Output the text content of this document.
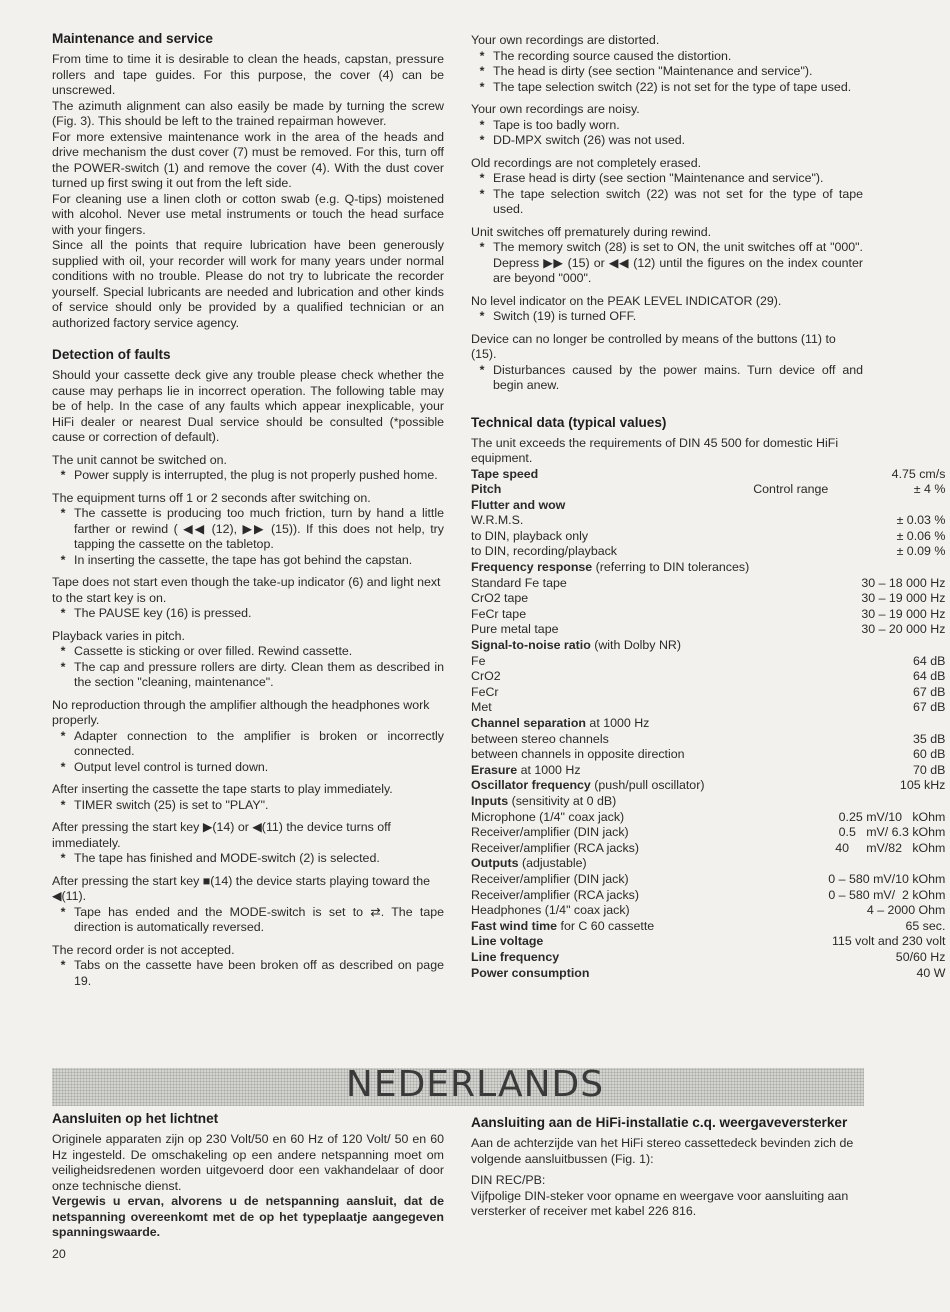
Maintenance and service

From time to time it is desirable to clean the heads, capstan, pressure rollers and tape guides. For this purpose, the cover (4) can be unscrewed.

The azimuth alignment can also easily be made by turning the screw (Fig. 3). This should be left to the trained repairman however.

For more extensive maintenance work in the area of the heads and drive mechanism the dust cover (7) must be removed. For this, turn off the POWER-switch (1) and remove the cover (4). With the dust cover turned up first swing it out from the left side.

For cleaning use a linen cloth or cotton swab (e.g. Q-tips) moistened with alcohol. Never use metal instruments or touch the head surface with your fingers.

Since all the points that require lubrication have been generously supplied with oil, your recorder will work for many years under normal conditions with no trouble. Please do not try to lubricate the recorder yourself. Special lubricants are needed and lubrication and other kinds of service should only be provided by a qualified technician or an authorized factory service agency.

Detection of faults

Should your cassette deck give any trouble please check whether the cause may perhaps lie in incorrect operation. The following table may be of help. In the case of any faults which appear inexplicable, your HiFi dealer or nearest Dual service should be consulted (*possible cause or correction of default).

The unit cannot be switched on.

* Power supply is interrupted, the plug is not properly pushed home.

The equipment turns off 1 or 2 seconds after switching on.

* The cassette is producing too much friction, turn by hand a little farther or rewind ( ◀◀ (12), ▶▶ (15)). If this does not help, try tapping the cassette on the tabletop.
* In inserting the cassette, the tape has got behind the capstan.

Tape does not start even though the take-up indicator (6) and light next to the start key is on.

* The PAUSE key (16) is pressed.

Playback varies in pitch.

* Cassette is sticking or over filled. Rewind cassette.
* The cap and pressure rollers are dirty. Clean them as described in the section "cleaning, maintenance".

No reproduction through the amplifier although the headphones work properly.

* Adapter connection to the amplifier is broken or incorrectly connected.
* Output level control is turned down.

After inserting the cassette the tape starts to play immediately.

* TIMER switch (25) is set to "PLAY".

After pressing the start key ▶(14) or ◀(11) the device turns off immediately.

* The tape has finished and MODE-switch (2) is selected.

After pressing the start key ■(14) the device starts playing toward the ◀(11).

* Tape has ended and the MODE-switch is set to ⇄. The tape direction is automatically reversed.

The record order is not accepted.

* Tabs on the cassette have been broken off as described on page 19.

Your own recordings are distorted.

* The recording source caused the distortion.
* The head is dirty (see section "Maintenance and service").
* The tape selection switch (22) is not set for the type of tape used.

Your own recordings are noisy.

* Tape is too badly worn.
* DD-MPX switch (26) was not used.

Old recordings are not completely erased.

* Erase head is dirty (see section "Maintenance and service").
* The tape selection switch (22) was not set for the type of tape used.

Unit switches off prematurely during rewind.

* The memory switch (28) is set to ON, the unit switches off at "000". Depress ▶▶ (15) or ◀◀ (12) until the figures on the index counter are beyond "000".

No level indicator on the PEAK LEVEL INDICATOR (29).

* Switch (19) is turned OFF.

Device can no longer be controlled by means of the buttons (11) to (15).

* Disturbances caused by the power mains. Turn device off and begin anew.
Technical data (typical values)

The unit exceeds the requirements of DIN 45 500 for domestic HiFi equipment.

Tape speed		4.75 cm/s
Pitch	Control range	± 4 %
Flutter and wow		
W.R.M.S.		± 0.03 %
to DIN, playback only		± 0.06 %
to DIN, recording/playback		± 0.09 %
Frequency response (referring to DIN tolerances)		
Standard Fe tape		30 – 18 000 Hz
CrO2 tape		30 – 19 000 Hz
FeCr tape		30 – 19 000 Hz
Pure metal tape		30 – 20 000 Hz
Signal-to-noise ratio (with Dolby NR)		
Fe		64 dB
CrO2		64 dB
FeCr		67 dB
Met		67 dB
Channel separation at 1000 Hz		
between stereo channels		35 dB
between channels in opposite direction		60 dB
Erasure at 1000 Hz		70 dB
Oscillator frequency (push/pull oscillator)		105 kHz
Inputs (sensitivity at 0 dB)		
Microphone (1/4" coax jack)		0.25 mV/10   kOhm
Receiver/amplifier (DIN jack)		0.5   mV/ 6.3 kOhm
Receiver/amplifier (RCA jacks)		40     mV/82   kOhm
Outputs (adjustable)		
Receiver/amplifier (DIN jack)		0 – 580 mV/10 kOhm
Receiver/amplifier (RCA jacks)		0 – 580 mV/  2 kOhm
Headphones (1/4" coax jack)		4 – 2000 Ohm
Fast wind time for C 60 cassette		65 sec.
Line voltage		115 volt and 230 volt
Line frequency		50/60 Hz
Power consumption		40 W
NEDERLANDS
Aansluiten op het lichtnet

Originele apparaten zijn op 230 Volt/50 en 60 Hz of 120 Volt/ 50 en 60 Hz ingesteld. De omschakeling op een andere netspanning moet om veiligheidsredenen worden uitgevoerd door een vakhandelaar of door onze technische dienst.

Vergewis u ervan, alvorens u de netspanning aansluit, dat de netspanning overeenkomt met de op het typeplaatje aangegeven spanningswaarde.

Aansluiting aan de HiFi-installatie c.q. weergaveversterker

Aan de achterzijde van het HiFi stereo cassettedeck bevinden zich de volgende aansluitbussen (Fig. 1):

DIN REC/PB:

Vijfpolige DIN-steker voor opname en weergave voor aansluiting aan versterker of receiver met kabel 226 816.

20
